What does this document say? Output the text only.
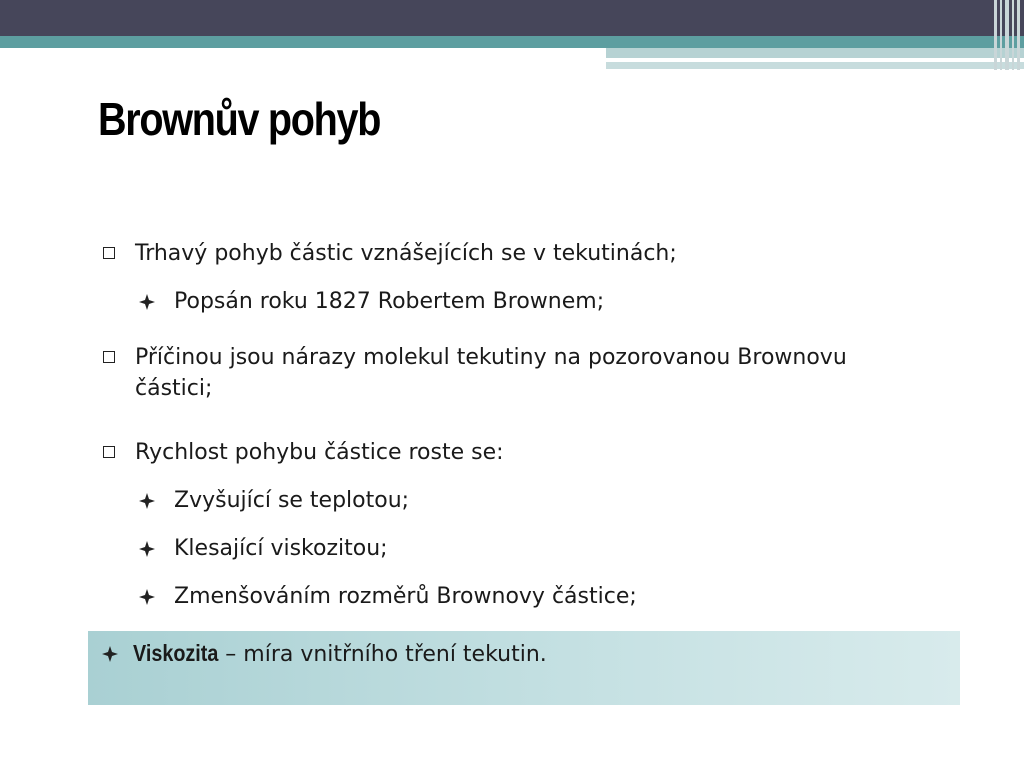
Brownův pohyb
Trhavý pohyb částic vznášejících se v tekutinách;
Popsán roku 1827 Robertem Brownem;
Příčinou jsou nárazy molekul tekutiny na pozorovanou Brownovu
částici;
Rychlost pohybu částice roste se:
Zvyšující se teplotou;
Klesající viskozitou;
Zmenšováním rozměrů Brownovy částice;
Viskozita – míra vnitřního tření tekutin.
